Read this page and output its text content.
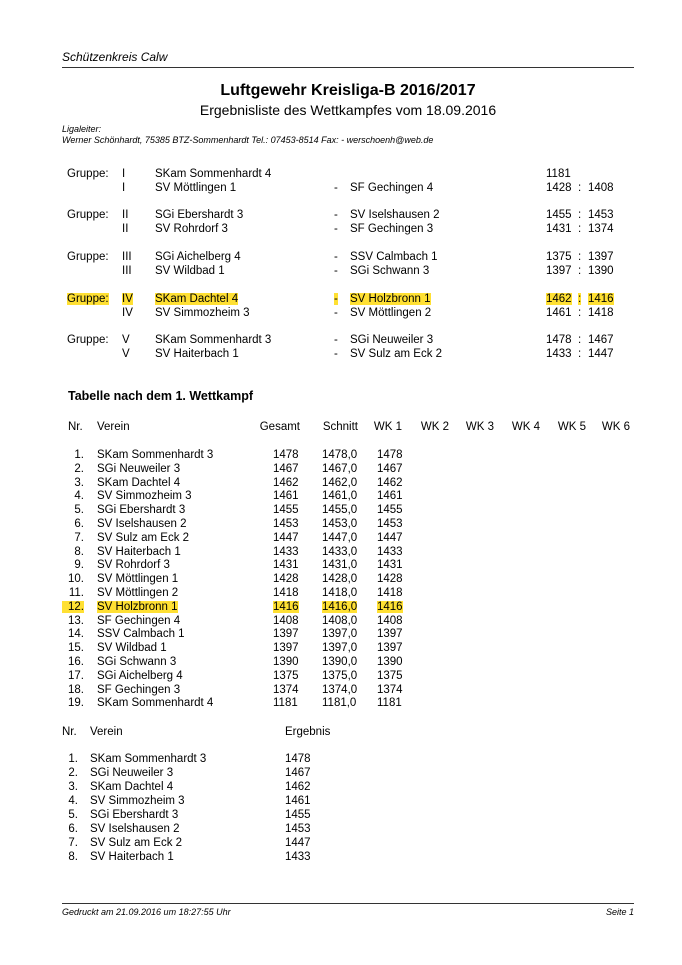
Schützenkreis Calw
Luftgewehr Kreisliga-B 2016/2017
Ergebnisliste des Wettkampfes vom 18.09.2016
Ligaleiter:
Werner Schönhardt, 75385 BTZ-Sommenhardt Tel.: 07453-8514 Fax: - werschoenh@web.de
Gruppe: I	SKam Sommenhardt 4	1181
I	SV Möttlingen 1	- SF Gechingen 4	1428 : 1408
Gruppe: II SGi Ebershardt 3	- SV Iselshausen 2	1455 : 1453
II SV Rohrdorf 3	- SF Gechingen 3	1431 : 1374
Gruppe: III SGi Aichelberg 4	- SSV Calmbach 1	1375 : 1397
III SV Wildbad 1	- SGi Schwann 3	1397 : 1390
Gruppe: IV SKam Dachtel 4	- SV Holzbronn 1	1462 : 1416
IV SV Simmozheim 3	- SV Möttlingen 2	1461 : 1418
Gruppe: V SKam Sommenhardt 3	- SGi Neuweiler 3	1478 : 1467
V SV Haiterbach 1	- SV Sulz am Eck 2	1433 : 1447
Tabelle nach dem 1. Wettkampf
Nr. Verein	Gesamt	Schnitt	WK 1	WK 2	WK 3	WK 4	WK 5	WK 6
1. SKam Sommenhardt 3	1478 1478,0 1478
2. SGi Neuweiler 3	1467 1467,0 1467
3. SKam Dachtel 4	1462 1462,0 1462
4. SV Simmozheim 3	1461 1461,0 1461
5. SGi Ebershardt 3	1455 1455,0 1455
6. SV Iselshausen 2	1453 1453,0 1453
7. SV Sulz am Eck 2	1447 1447,0 1447
8. SV Haiterbach 1	1433 1433,0 1433
9. SV Rohrdorf 3	1431 1431,0 1431
10. SV Möttlingen 1	1428 1428,0 1428
11. SV Möttlingen 2	1418 1418,0 1418
12. SV Holzbronn 1	1416 1416,0 1416
13. SF Gechingen 4	1408 1408,0 1408
14. SSV Calmbach 1	1397 1397,0 1397
15. SV Wildbad 1	1397 1397,0 1397
16. SGi Schwann 3	1390 1390,0 1390
17. SGi Aichelberg 4	1375 1375,0 1375
18. SF Gechingen 3	1374 1374,0 1374
19. SKam Sommenhardt 4	1181 1181,0 1181
Nr. Verein	Ergebnis
1. SKam Sommenhardt 3	1478
2. SGi Neuweiler 3	1467
3. SKam Dachtel 4	1462
4. SV Simmozheim 3	1461
5. SGi Ebershardt 3	1455
6. SV Iselshausen 2	1453
7. SV Sulz am Eck 2	1447
8. SV Haiterbach 1	1433
Gedruckt am 21.09.2016 um 18:27:55 Uhr	Seite 1
